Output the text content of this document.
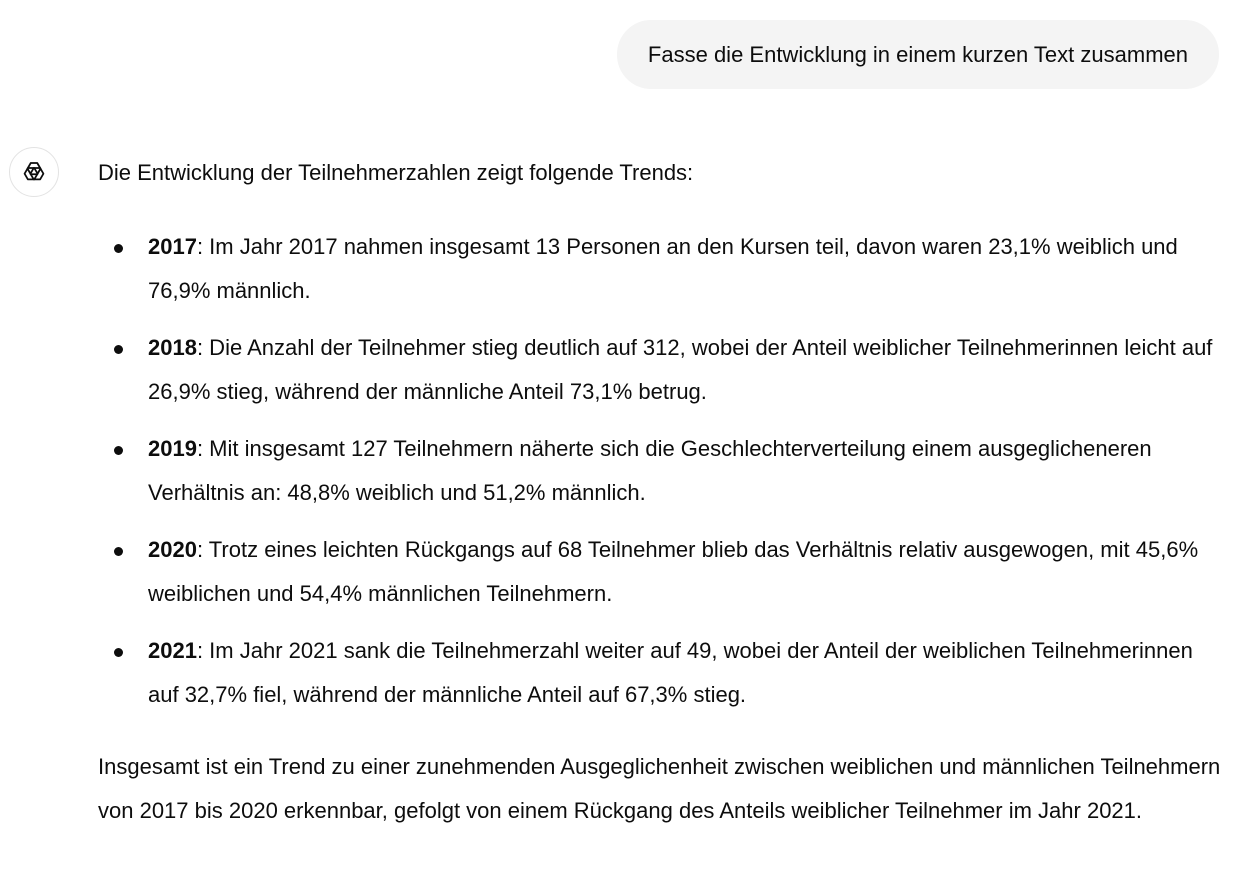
Fasse die Entwicklung in einem kurzen Text zusammen

Die Entwicklung der Teilnehmerzahlen zeigt folgende Trends:

2017: Im Jahr 2017 nahmen insgesamt 13 Personen an den Kursen teil, davon waren 23,1% weiblich und 76,9% männlich.
2018: Die Anzahl der Teilnehmer stieg deutlich auf 312, wobei der Anteil weiblicher Teilnehmerinnen leicht auf 26,9% stieg, während der männliche Anteil 73,1% betrug.
2019: Mit insgesamt 127 Teilnehmern näherte sich die Geschlechterverteilung einem ausgeglicheneren Verhältnis an: 48,8% weiblich und 51,2% männlich.
2020: Trotz eines leichten Rückgangs auf 68 Teilnehmer blieb das Verhältnis relativ ausgewogen, mit 45,6% weiblichen und 54,4% männlichen Teilnehmern.
2021: Im Jahr 2021 sank die Teilnehmerzahl weiter auf 49, wobei der Anteil der weiblichen Teilnehmerinnen auf 32,7% fiel, während der männliche Anteil auf 67,3% stieg.

Insgesamt ist ein Trend zu einer zunehmenden Ausgeglichenheit zwischen weiblichen und männlichen Teilnehmern von 2017 bis 2020 erkennbar, gefolgt von einem Rückgang des Anteils weiblicher Teilnehmer im Jahr 2021.
